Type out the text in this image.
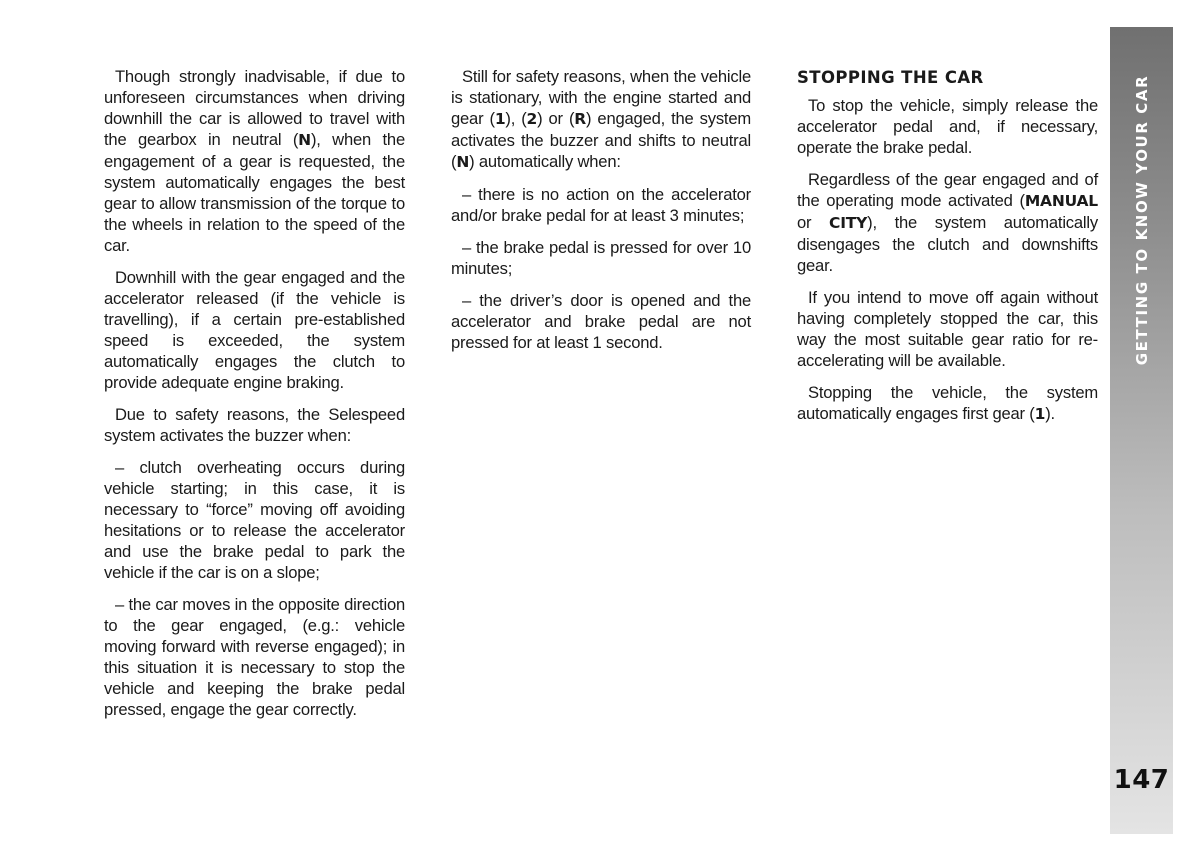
Though strongly inadvisable, if due to unforeseen circumstances when driving downhill the car is allowed to travel with the gearbox in neutral (N), when the engagement of a gear is requested, the system automatically engages the best gear to allow transmission of the torque to the wheels in relation to the speed of the car.

Downhill with the gear engaged and the accelerator released (if the vehicle is travelling), if a certain pre-established speed is exceeded, the system automatically engages the clutch to provide adequate engine braking.

Due to safety reasons, the Selespeed system activates the buzzer when:

– clutch overheating occurs during vehicle starting; in this case, it is necessary to “force” moving off avoiding hesitations or to release the accelerator and use the brake pedal to park the vehicle if the car is on a slope;

– the car moves in the opposite direction to the gear engaged, (e.g.: vehicle moving forward with reverse engaged); in this situation it is necessary to stop the vehicle and keeping the brake pedal pressed, engage the gear correctly.

Still for safety reasons, when the vehicle is stationary, with the engine started and gear (1), (2) or (R) engaged, the system activates the buzzer and shifts to neutral (N) automatically when:

– there is no action on the accelerator and/or brake pedal for at least 3 minutes;

– the brake pedal is pressed for over 10 minutes;

– the driver’s door is opened and the accelerator and brake pedal are not pressed for at least 1 second.

STOPPING THE CAR

To stop the vehicle, simply release the accelerator pedal and, if necessary, operate the brake pedal.

Regardless of the gear engaged and of the operating mode activated (MANUAL or CITY), the system automatically disengages the clutch and downshifts gear.

If you intend to move off again without having completely stopped the car, this way the most suitable gear ratio for re-accelerating will be available.

Stopping the vehicle, the system automatically engages first gear (1).

GETTING TO KNOW YOUR CAR
147
